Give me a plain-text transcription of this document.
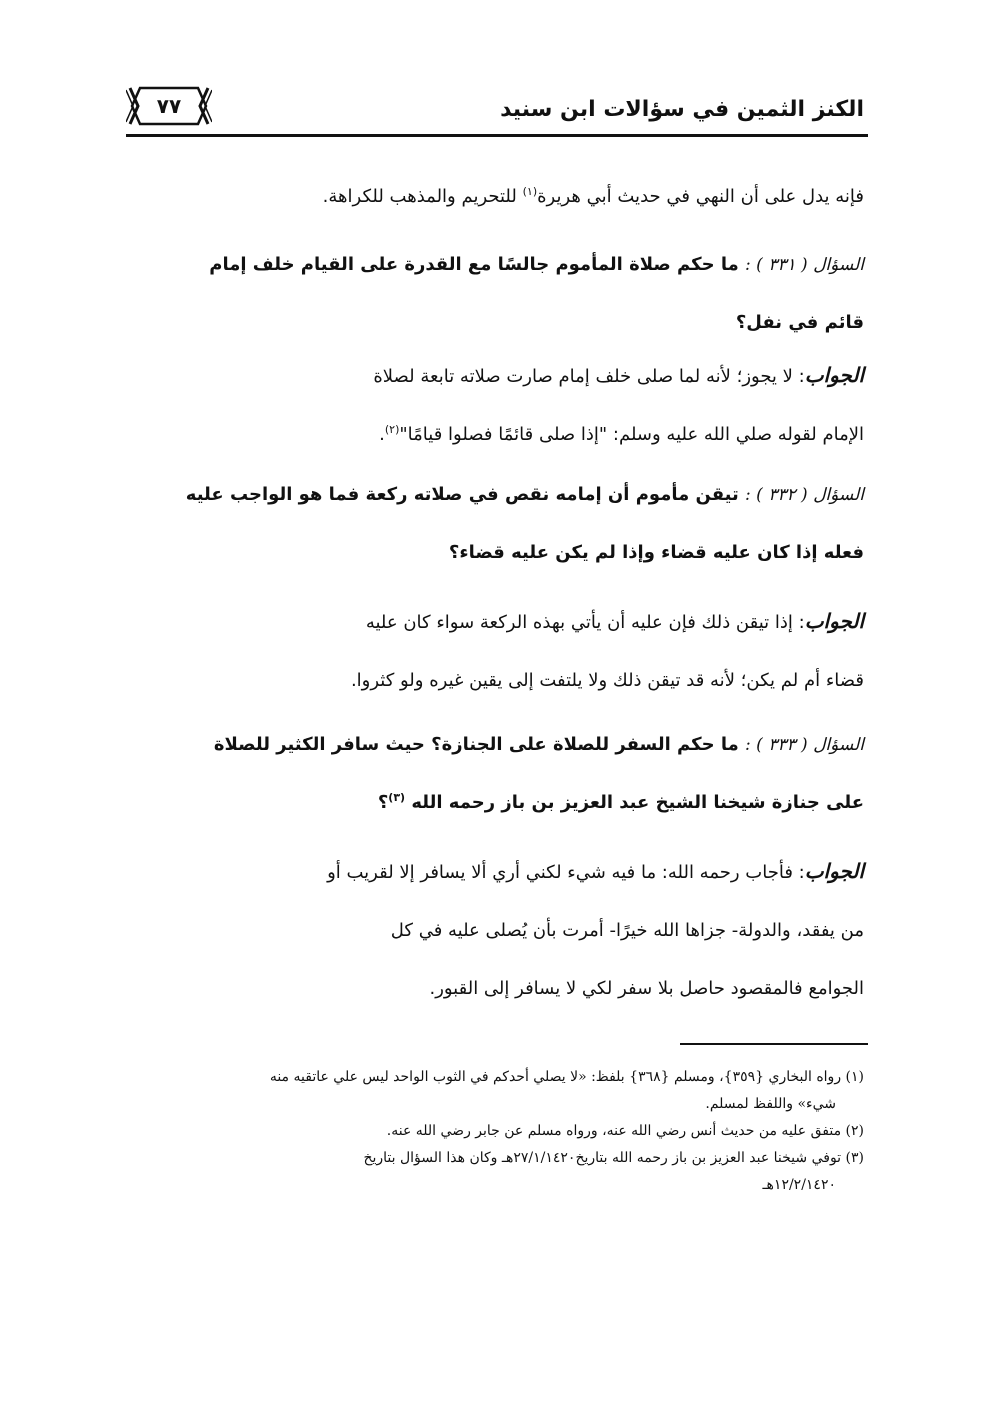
الكنز الثمين في سؤالات ابن سنيد
٧٧
فإنه يدل على أن النهي في حديث أبي هريرة$^{(١)}$ للتحريم والمذهب للكراهة.
السؤال ( ٣٣١ ) : ما حكم صلاة المأموم جالسًا مع القدرة على القيام خلف إمام
قائم في نفل؟
الجواب: لا يجوز؛ لأنه لما صلى خلف إمام صارت صلاته تابعة لصلاة
الإمام لقوله صلي الله عليه وسلم: "إذا صلى قائمًا فصلوا قيامًا"$^{(٢)}$.
السؤال ( ٣٣٢ ) : تيقن مأموم أن إمامه نقص في صلاته ركعة فما هو الواجب عليه
فعله إذا كان عليه قضاء وإذا لم يكن عليه قضاء؟
الجواب: إذا تيقن ذلك فإن عليه أن يأتي بهذه الركعة سواء كان عليه
قضاء أم لم يكن؛ لأنه قد تيقن ذلك ولا يلتفت إلى يقين غيره ولو كثروا.
السؤال ( ٣٣٣ ) : ما حكم السفر للصلاة على الجنازة؟ حيث سافر الكثير للصلاة
على جنازة شيخنا الشيخ عبد العزيز بن باز رحمه الله $^{(٣)}$؟
الجواب: فأجاب رحمه الله: ما فيه شيء لكني أري ألا يسافر إلا لقريب أو
من يفقد، والدولة- جزاها الله خيرًا- أمرت بأن يُصلى عليه في كل
الجوامع فالمقصود حاصل بلا سفر لكي لا يسافر إلى القبور.

(١) رواه البخاري {٣٥٩}، ومسلم {٣٦٨} بلفظ: «لا يصلي أحدكم في الثوب الواحد ليس علي عاتقيه منه
شيء» واللفظ لمسلم.

(٢) متفق عليه من حديث أنس رضي الله عنه، ورواه مسلم عن جابر رضي الله عنه.

(٣) توفي شيخنا عبد العزيز بن باز رحمه الله بتاريخ٢٧/١/١٤٢٠هـ وكان هذا السؤال بتاريخ
١٢/٢/١٤٢٠هـ
